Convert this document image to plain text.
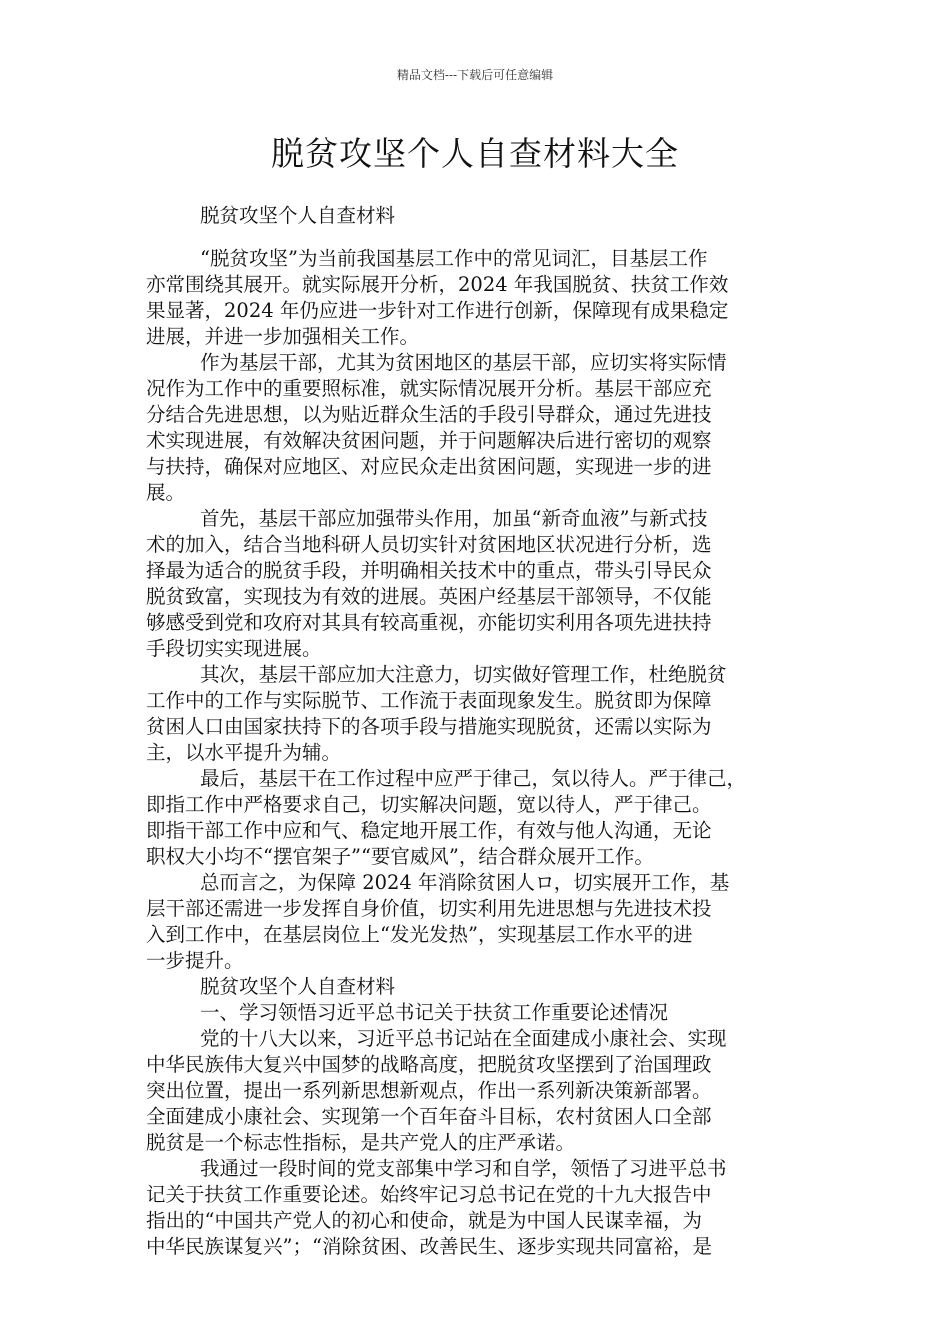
精品文档---下载后可任意编辑
脱贫攻坚个人自查材料大全
脱贫攻坚个人自查材料
“脱贫攻坚”为当前我国基层工作中的常见词汇，目基层工作
亦常围绕其展开。就实际展开分析，2024 年我国脱贫、扶贫工作效
果显著，2024 年仍应进一步针对工作进行创新，保障现有成果稳定
进展，并进一步加强相关工作。
作为基层干部，尤其为贫困地区的基层干部，应切实将实际情
况作为工作中的重要照标准，就实际情况展开分析。基层干部应充
分结合先进思想，以为贴近群众生活的手段引导群众，通过先进技
术实现进展，有效解决贫困问题，并于问题解决后进行密切的观察
与扶持，确保对应地区、对应民众走出贫困问题，实现进一步的进
展。
首先，基层干部应加强带头作用，加虽“新奇血液”与新式技
术的加入，结合当地科研人员切实针对贫困地区状况进行分析，选
择最为适合的脱贫手段，并明确相关技术中的重点，带头引导民众
脱贫致富，实现技为有效的进展。英困户经基层干部领导，不仅能
够感受到党和攻府对其具有较高重视，亦能切实利用各项先进扶持
手段切实实现进展。
其次，基层干部应加大注意力，切实做好管理工作，杜绝脱贫
工作中的工作与实际脱节、工作流于表面现象发生。脱贫即为保障
贫困人口由国家扶持下的各项手段与措施实现脱贫，还需以实际为
主，以水平提升为辅。
最后，基层干在工作过程中应严于律己，気以待人。严于律己，
即指工作中严格要求自己，切实解决问题，宽以待人，严于律己。
即指干部工作中应和气、稳定地开展工作，有效与他人沟通，无论
职权大小均不“摆官架子”“要官威风”，结合群众展开工作。
总而言之，为保障 2024 年消除贫困人ロ，切实展开工作，基
层干部还需进一步发挥自身价值，切实利用先进思想与先进技术投
入到工作中，在基层岗位上“发光发热”，实现基层工作水平的进
一步提升。
脱贫攻坚个人自查材料
一、学习领悟习近平总书记关于扶贫工作重要论述情况
党的十八大以来，习近平总书记站在全面建成小康社会、实现
中华民族伟大复兴中国梦的战略高度，把脱贫攻坚摆到了治国理政
突出位置，提出一系列新思想新观点，作出一系列新决策新部署。
全面建成小康社会、实现第一个百年奋斗目标，农村贫困人口全部
脱贫是一个标志性指标，是共产党人的庄严承诺。
我通过一段时间的党支部集中学习和自学，领悟了习进平总书
记关于扶贫工作重要论述。始终牢记习总书记在党的十九大报告中
指出的“中国共产党人的初心和使命，就是为中国人民谋幸福，为
中华民族谋复兴”；“消除贫困、改善民生、逐步实现共同富裕，是
